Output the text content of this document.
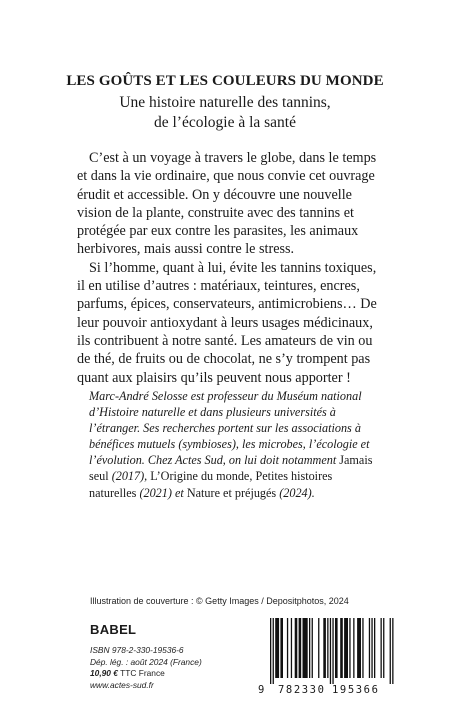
LES GOÛTS ET LES COULEURS DU MONDE
Une histoire naturelle des tannins,
de l’écologie à la santé

C’est à un voyage à travers le globe, dans le temps et dans la vie ordinaire, que nous convie cet ouvrage érudit et accessible. On y découvre une nouvelle vision de la plante, construite avec des tannins et protégée par eux contre les parasites, les animaux herbivores, mais aussi contre le stress.

Si l’homme, quant à lui, évite les tannins toxiques, il en utilise d’autres : matériaux, teintures, encres, parfums, épices, conservateurs, antimicrobiens… De leur pouvoir antioxydant à leurs usages médicinaux, ils contribuent à notre santé. Les amateurs de vin ou de thé, de fruits ou de chocolat, ne s’y trompent pas quant aux plaisirs qu’ils peuvent nous apporter !

Marc-André Selosse est professeur du Muséum national d’Histoire naturelle et dans plusieurs universités à l’étranger. Ses recherches portent sur les associations à bénéfices mutuels (symbioses), les microbes, l’écologie et l’évolution. Chez Actes Sud, on lui doit notamment Jamais seul (2017), L’Origine du monde, Petites histoires naturelles (2021) et Nature et préjugés (2024).
Illustration de couverture : © Getty Images / Depositphotos, 2024
BABEL
ISBN 978-2-330-19536-6
Dép. lég. : août 2024 (France)
10,90 € TTC France
www.actes-sud.fr	9 782330 195366
